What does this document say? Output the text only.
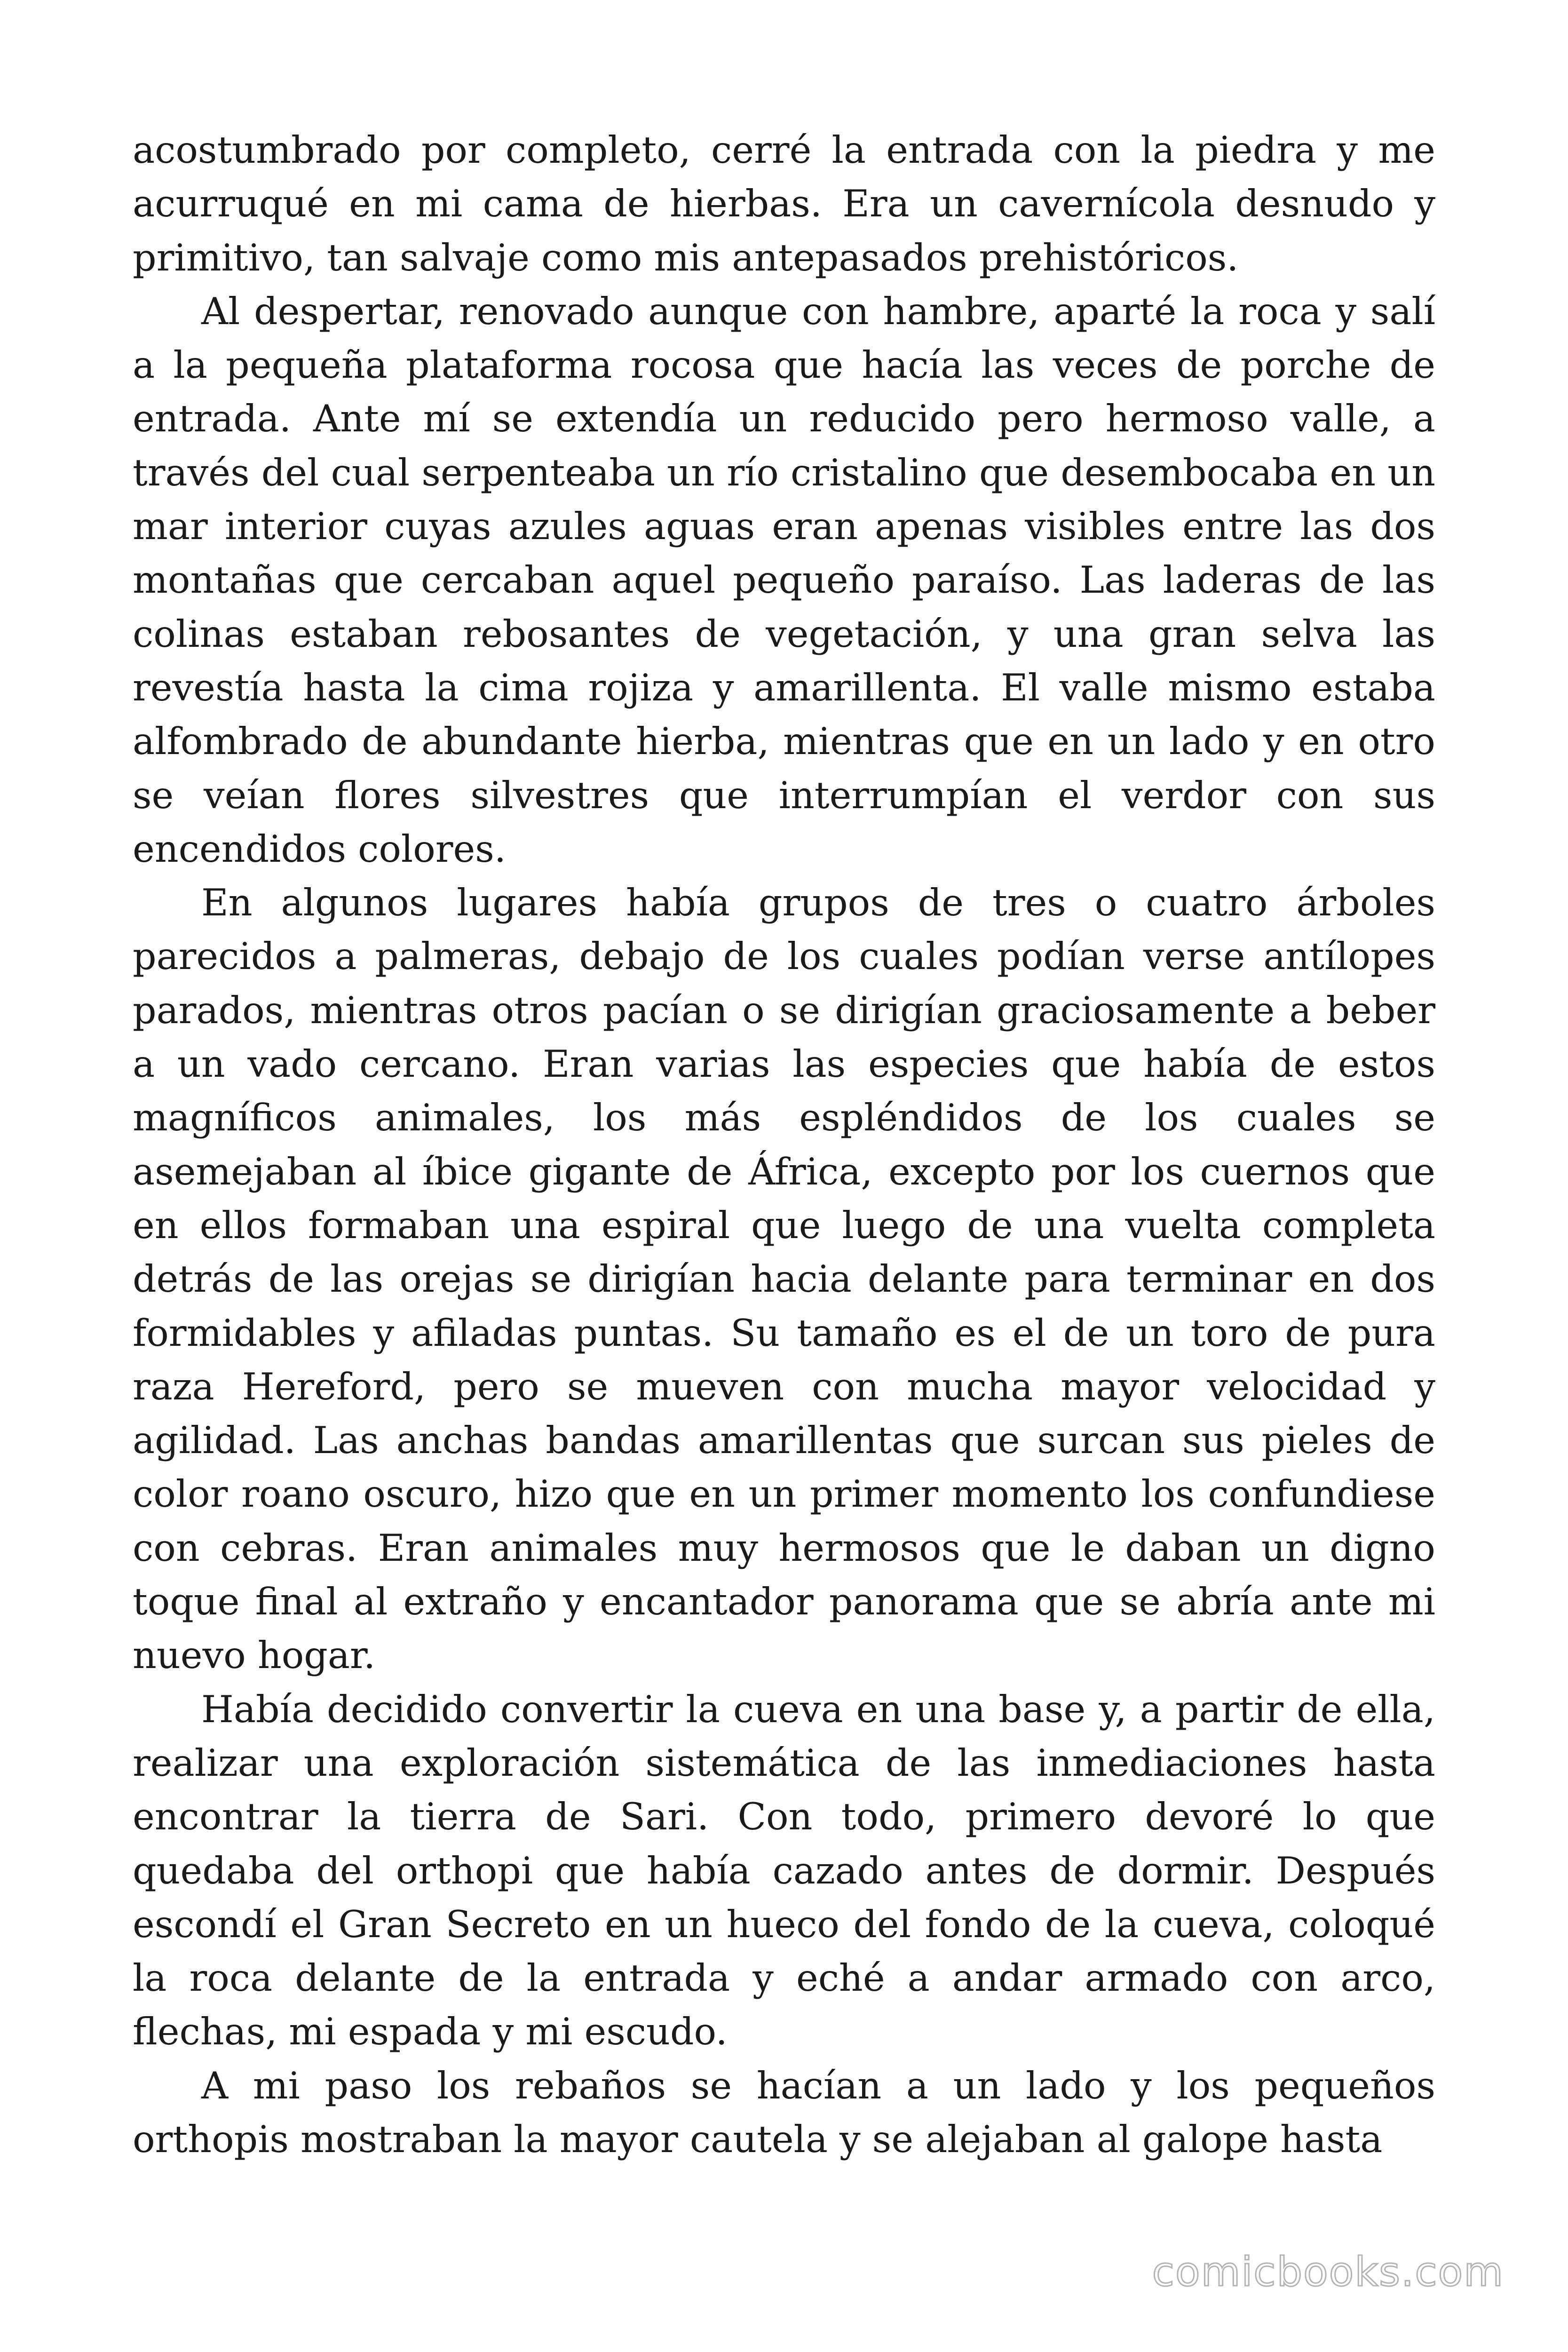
acostumbrado por completo, cerré la entrada con la piedra y me acurruqué en mi cama de hierbas. Era un cavernícola desnudo y primitivo, tan salvaje como mis antepasados prehistóricos.

Al despertar, renovado aunque con hambre, aparté la roca y salí a la pequeña plataforma rocosa que hacía las veces de porche de entrada. Ante mí se extendía un reducido pero hermoso valle, a través del cual serpenteaba un río cristalino que desembocaba en un mar interior cuyas azules aguas eran apenas visibles entre las dos montañas que cercaban aquel pequeño paraíso. Las laderas de las colinas estaban rebosantes de vegetación, y una gran selva las revestía hasta la cima rojiza y amarillenta. El valle mismo estaba alfombrado de abundante hierba, mientras que en un lado y en otro se veían flores silvestres que interrumpían el verdor con sus encendidos colores.

En algunos lugares había grupos de tres o cuatro árboles parecidos a palmeras, debajo de los cuales podían verse antílopes parados, mientras otros pacían o se dirigían graciosamente a beber a un vado cercano. Eran varias las especies que había de estos magníficos animales, los más espléndidos de los cuales se asemejaban al íbice gigante de África, excepto por los cuernos que en ellos formaban una espiral que luego de una vuelta completa detrás de las orejas se dirigían hacia delante para terminar en dos formidables y afiladas puntas. Su tamaño es el de un toro de pura raza Hereford, pero se mueven con mucha mayor velocidad y agilidad. Las anchas bandas amarillentas que surcan sus pieles de color roano oscuro, hizo que en un primer momento los confundiese con cebras. Eran animales muy hermosos que le daban un digno toque final al extraño y encantador panorama que se abría ante mi nuevo hogar.

Había decidido convertir la cueva en una base y, a partir de ella, realizar una exploración sistemática de las inmediaciones hasta encontrar la tierra de Sari. Con todo, primero devoré lo que quedaba del orthopi que había cazado antes de dormir. Después escondí el Gran Secreto en un hueco del fondo de la cueva, coloqué la roca delante de la entrada y eché a andar armado con arco, flechas, mi espada y mi escudo.

A mi paso los rebaños se hacían a un lado y los pequeños orthopis mostraban la mayor cautela y se alejaban al galope hasta

comicbooks.com
